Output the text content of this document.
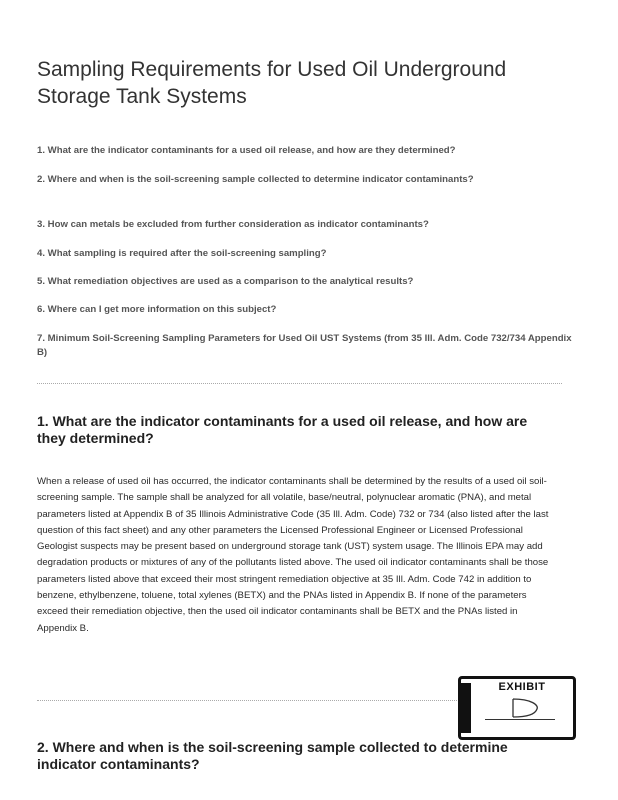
Sampling Requirements for Used Oil Underground Storage Tank Systems
1. What are the indicator contaminants for a used oil release, and how are they determined?
2. Where and when is the soil-screening sample collected to determine indicator contaminants?
3. How can metals be excluded from further consideration as indicator contaminants?
4. What sampling is required after the soil-screening sampling?
5. What remediation objectives are used as a comparison to the analytical results?
6. Where can I get more information on this subject?
7. Minimum Soil-Screening Sampling Parameters for Used Oil UST Systems (from 35 Ill. Adm. Code 732/734 Appendix B)
1. What are the indicator contaminants for a used oil release, and how are they determined?

When a release of used oil has occurred, the indicator contaminants shall be determined by the results of a used oil soil-screening sample. The sample shall be analyzed for all volatile, base/neutral, polynuclear aromatic (PNA), and metal parameters listed at Appendix B of 35 Illinois Administrative Code (35 Ill. Adm. Code) 732 or 734 (also listed after the last question of this fact sheet) and any other parameters the Licensed Professional Engineer or Licensed Professional Geologist suspects may be present based on underground storage tank (UST) system usage. The Illinois EPA may add degradation products or mixtures of any of the pollutants listed above. The used oil indicator contaminants shall be those parameters listed above that exceed their most stringent remediation objective at 35 Ill. Adm. Code 742 in addition to benzene, ethylbenzene, toluene, total xylenes (BETX) and the PNAs listed in Appendix B. If none of the parameters exceed their remediation objective, then the used oil indicator contaminants shall be BETX and the PNAs listed in Appendix B.

EXHIBIT
2. Where and when is the soil-screening sample collected to determine indicator contaminants?
